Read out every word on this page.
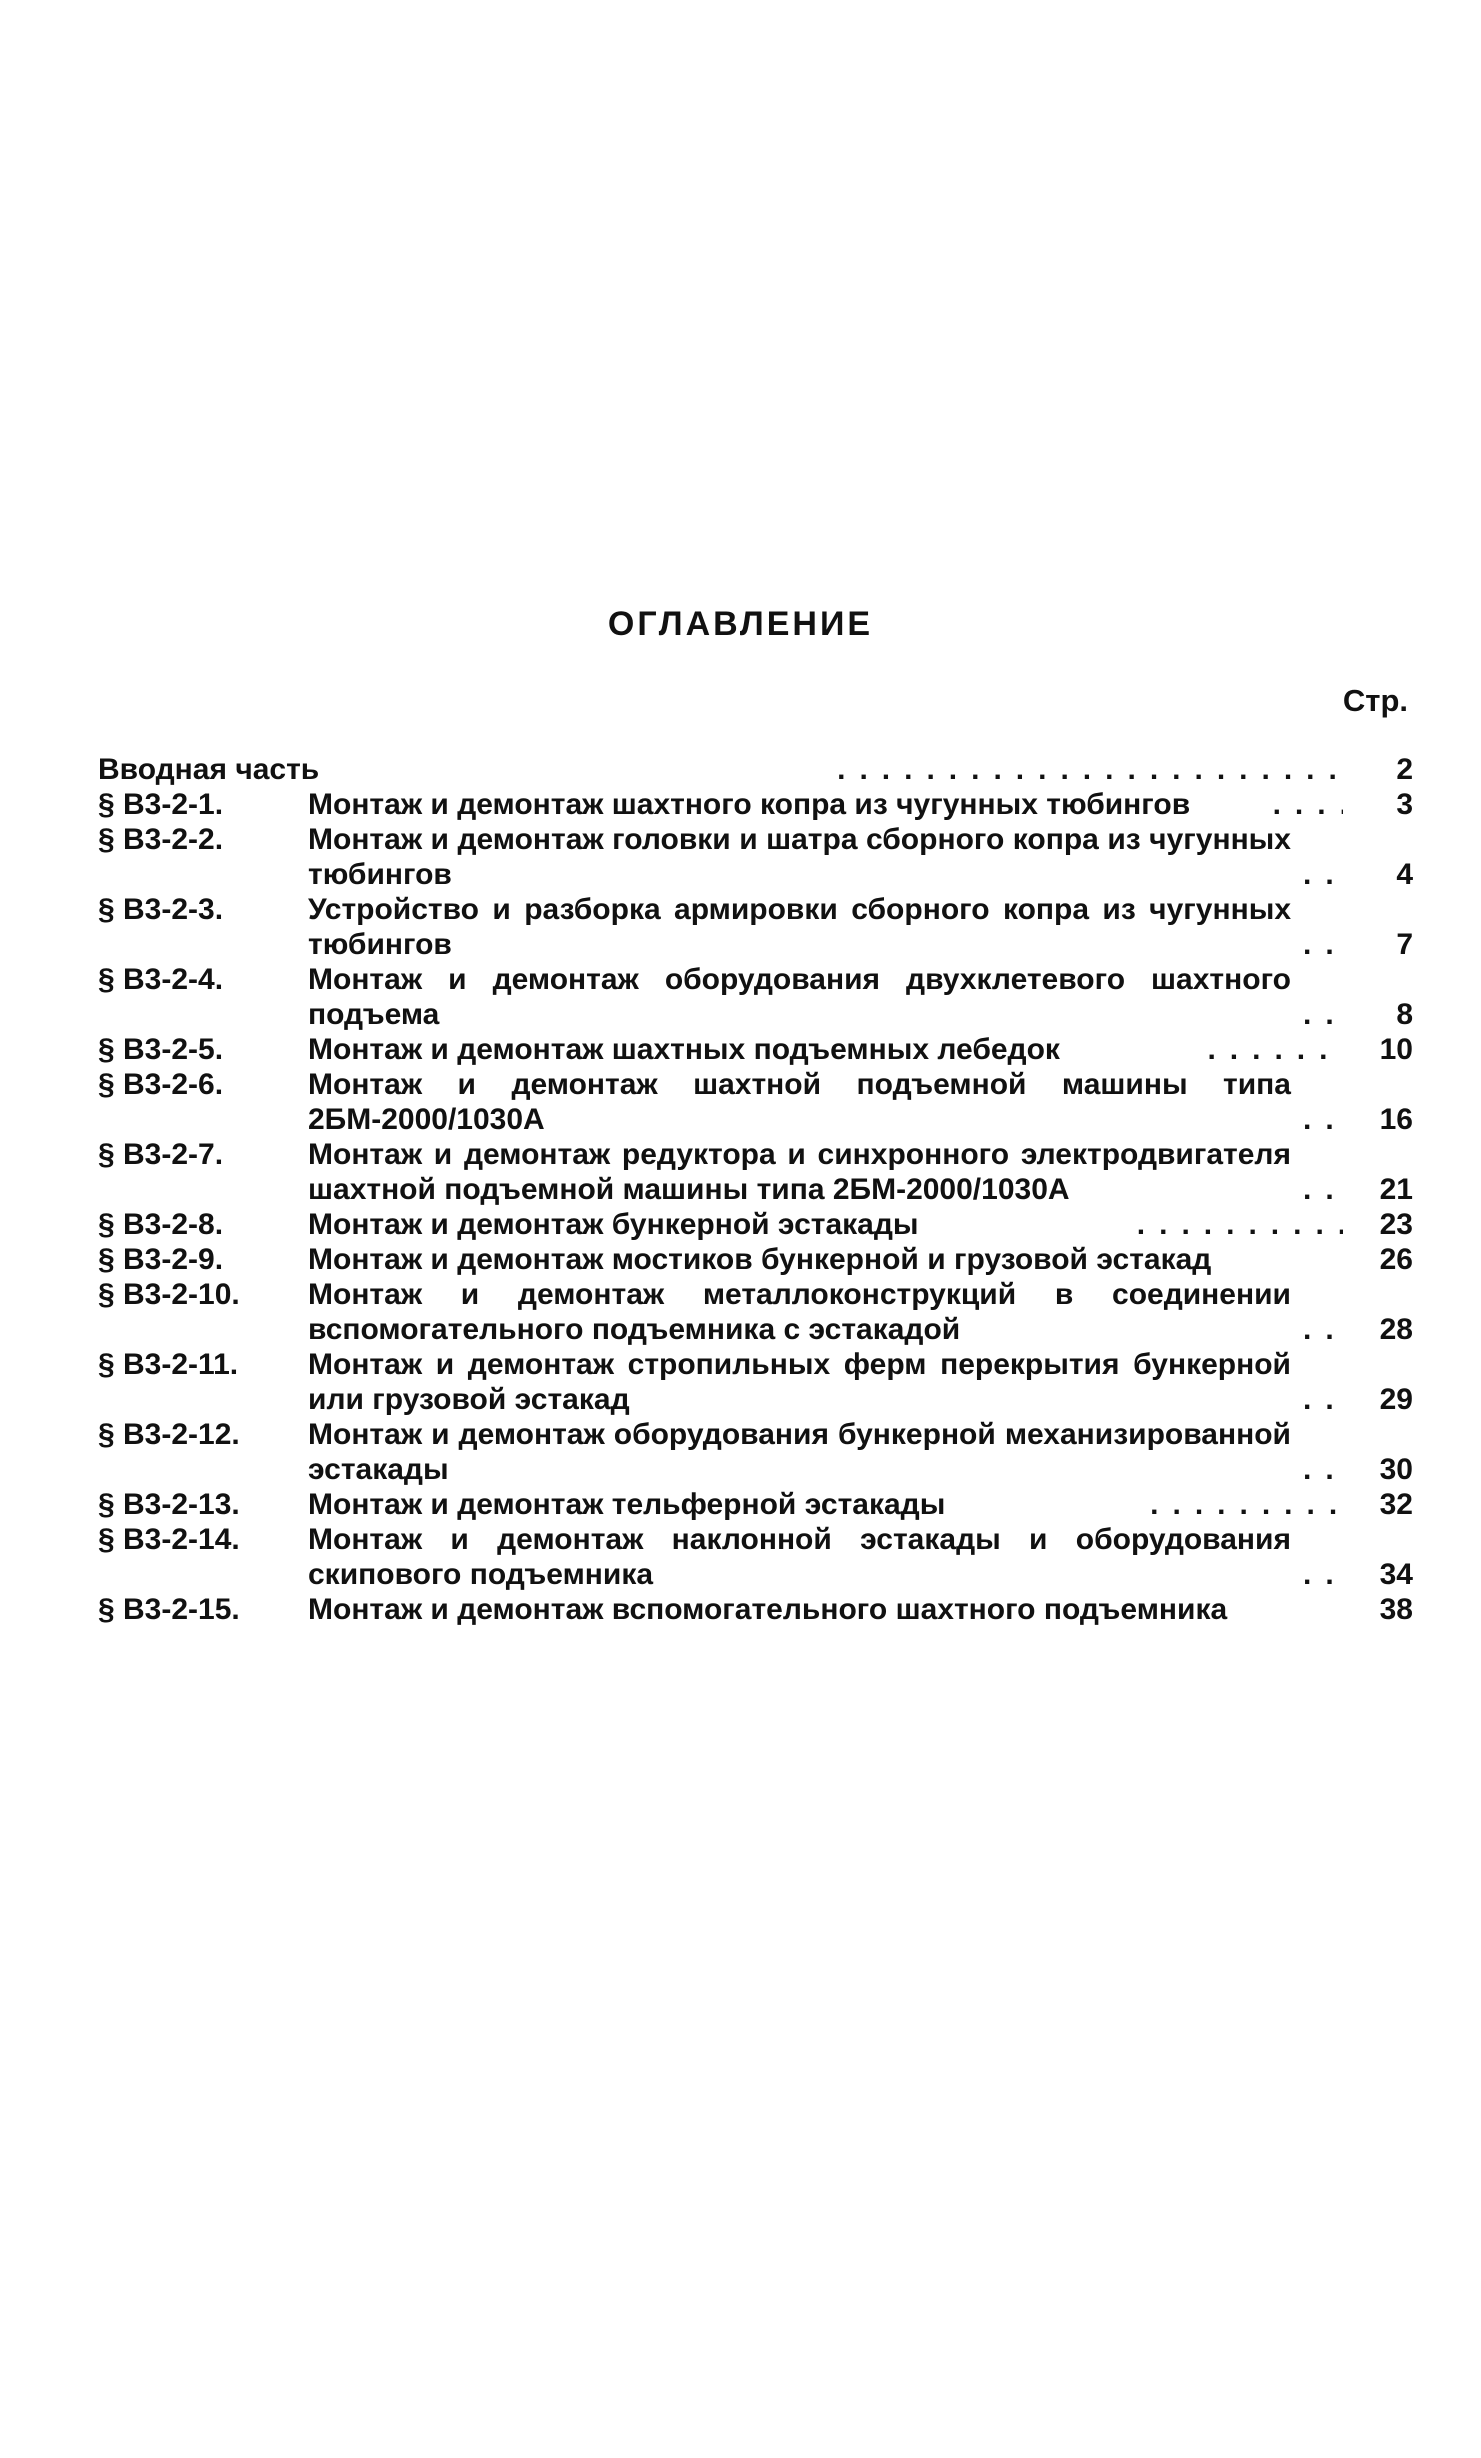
ОГЛАВЛЕНИЕ

Стр.

Вводная часть .....	2
§ В3-2-1.	Монтаж и демонтаж шахтного копра из чугунных тюбингов .....	3
§ В3-2-2.	Монтаж и демонтаж головки и шатра сборного копра из чугунных тюбингов .....	4
§ В3-2-3.	Устройство и разборка армировки сборного копра из чугунных тюбингов .....	7
§ В3-2-4.	Монтаж и демонтаж оборудования двухклетевого шахтного подъема .....	8
§ В3-2-5.	Монтаж и демонтаж шахтных подъемных лебедок .....	10
§ В3-2-6.	Монтаж и демонтаж шахтной подъемной машины типа 2БМ-2000/1030А .....	16
§ В3-2-7.	Монтаж и демонтаж редуктора и синхронного электродвигателя шахтной подъемной машины типа 2БМ-2000/1030А .....	21
§ В3-2-8.	Монтаж и демонтаж бункерной эстакады .....	23
§ В3-2-9.	Монтаж и демонтаж мостиков бункерной и грузовой эстакад	26
§ В3-2-10.	Монтаж и демонтаж металлоконструкций в соединении вспомогательного подъемника с эстакадой .....	28
§ В3-2-11.	Монтаж и демонтаж стропильных ферм перекрытия бункерной или грузовой эстакад .....	29
§ В3-2-12.	Монтаж и демонтаж оборудования бункерной механизированной эстакады .....	30
§ В3-2-13.	Монтаж и демонтаж тельферной эстакады .....	32
§ В3-2-14.	Монтаж и демонтаж наклонной эстакады и оборудования скипового подъемника .....	34
§ В3-2-15.	Монтаж и демонтаж вспомогательного шахтного подъемника	38
